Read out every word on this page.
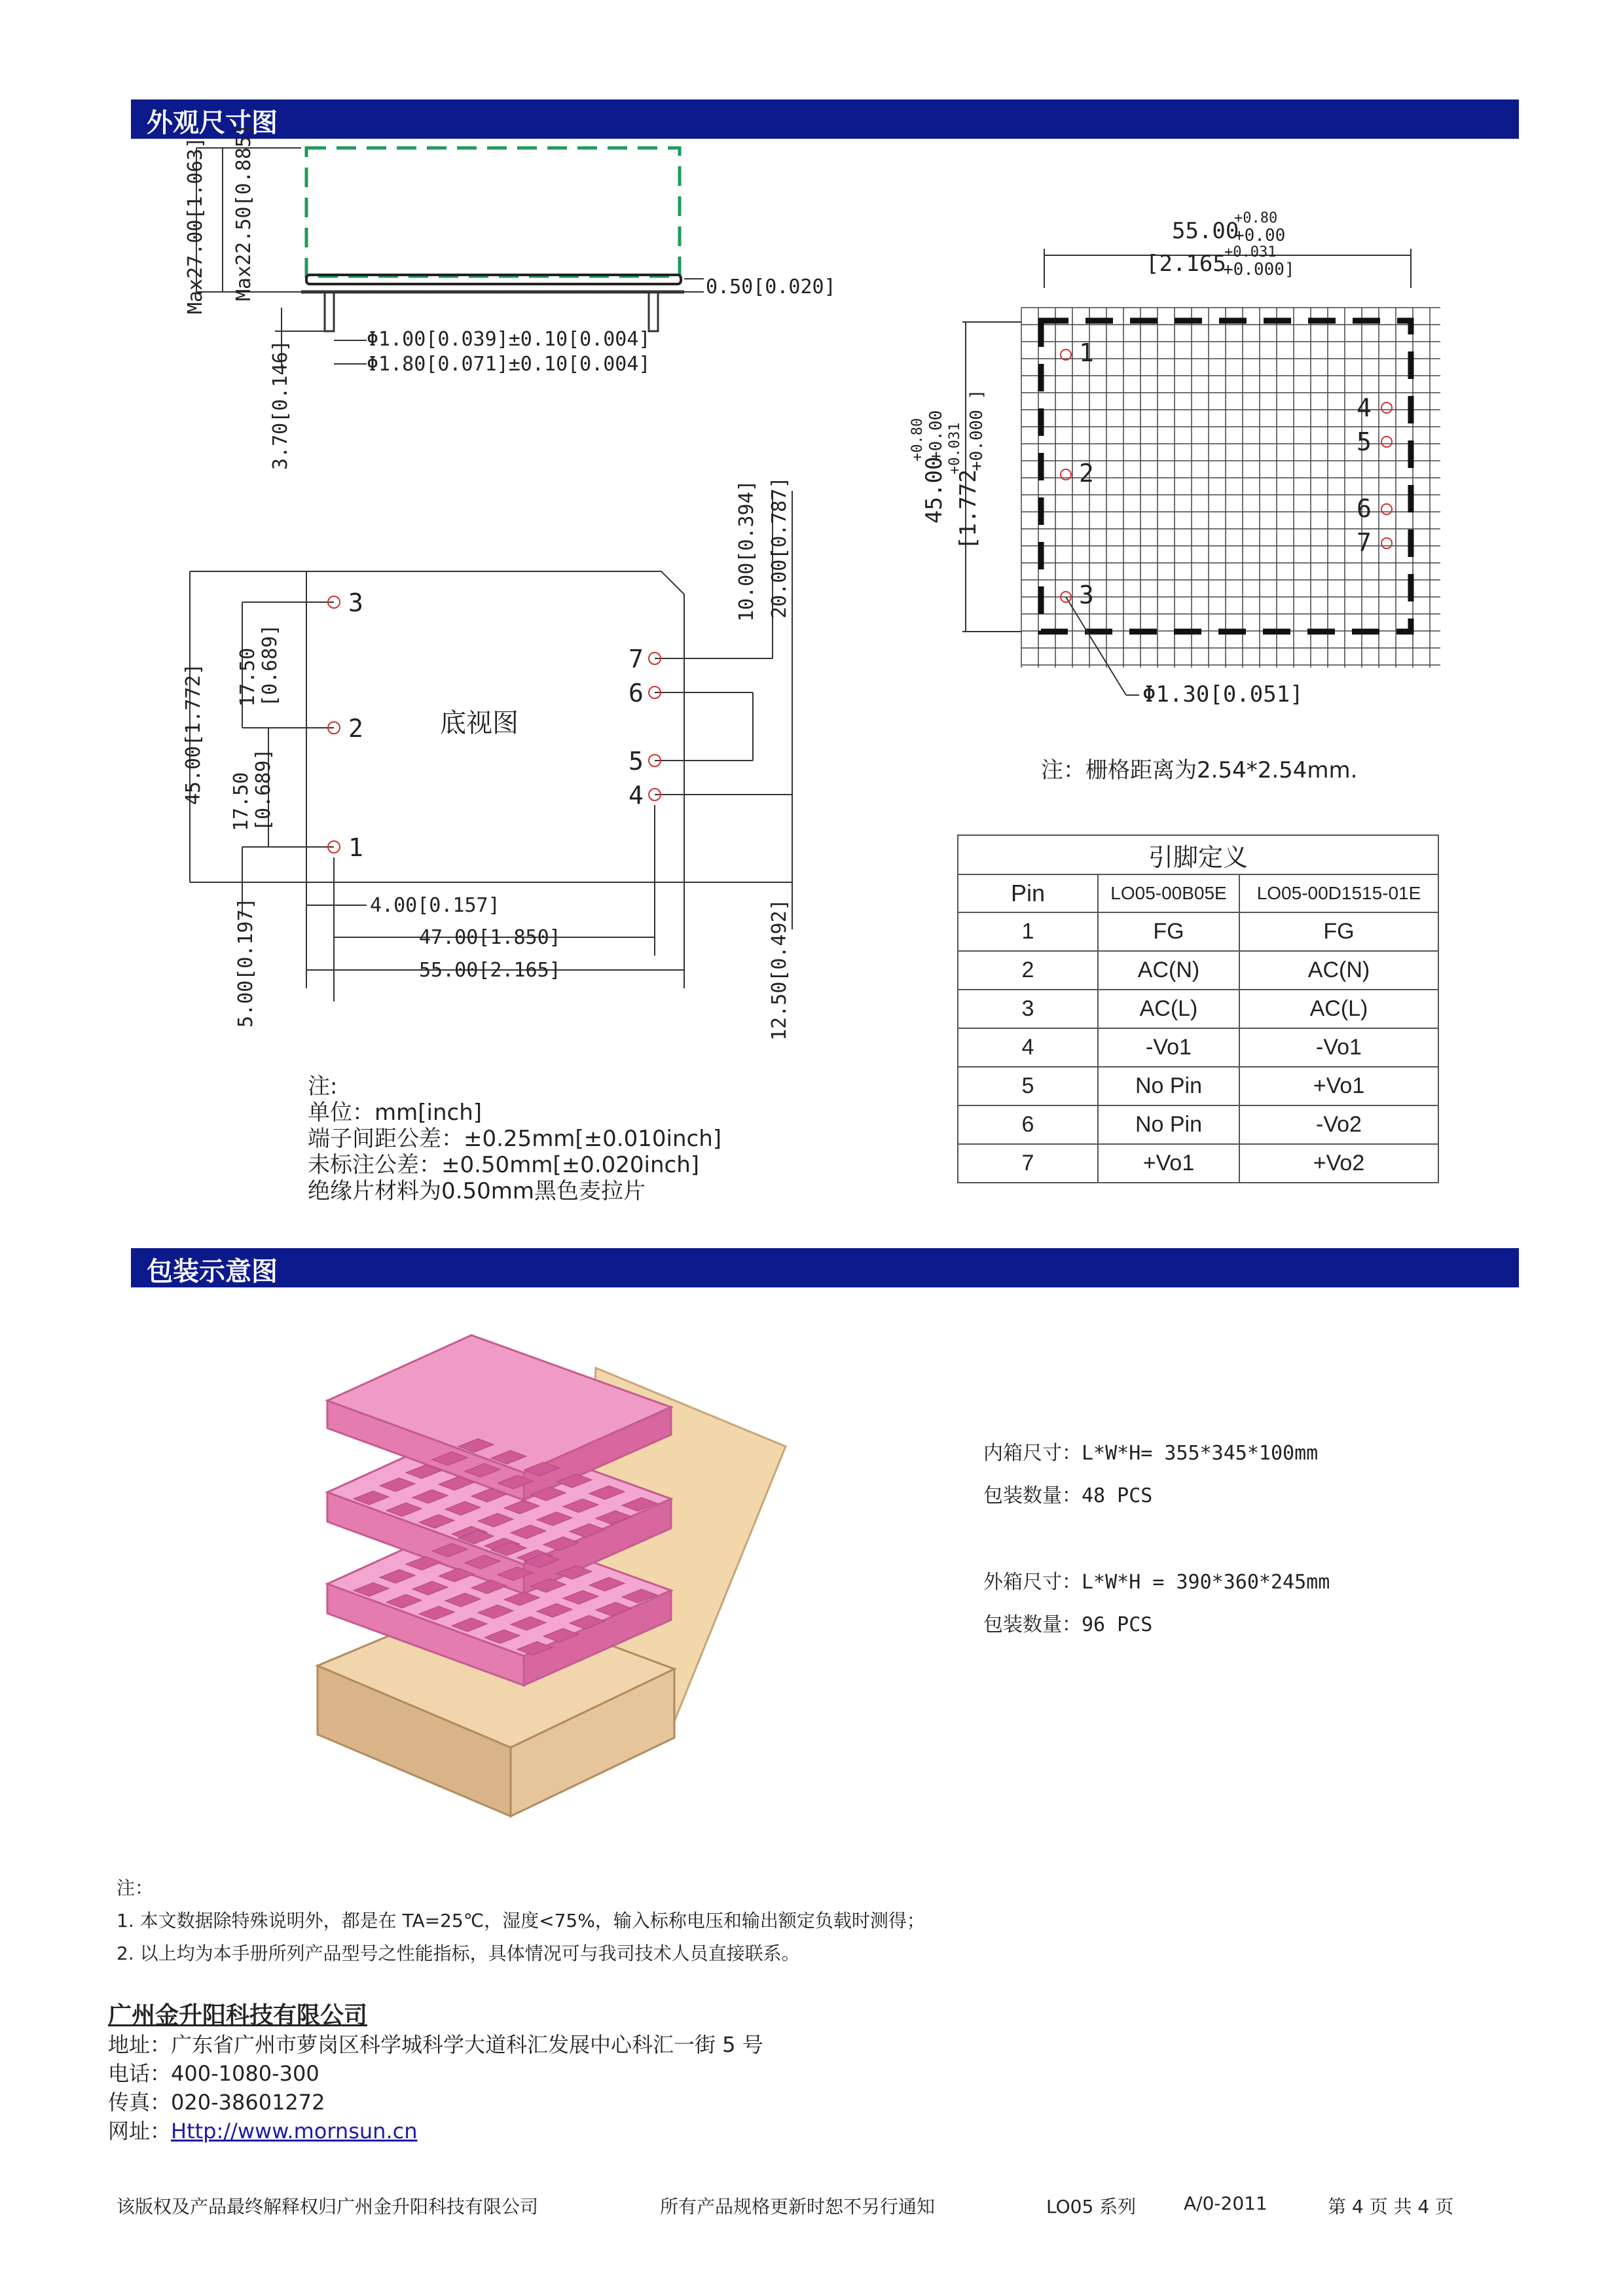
外观尺寸图
包装示意图
Max27.00[1.063] Max22.50[0.885]	0.50[0.020]
Φ1.00[0.039]±0.10[0.004]
Φ1.80[0.071]±0.10[0.004]
3.70[0.146]
3
2
1
7
6
5
4
底视图
45.00[1.772] 17.50 [0.689]
17.50 [0.689]
4.00[0.157]
47.00[1.850]
55.00[2.165]
5.00[0.197]
10.00[0.394] 20.00[0.787]
12.50[0.492]
1
2
3
4
5
6
7
55.00
+0.80
+0.00
[2.165
+0.031
+0.000]
45.00
+0.80 +0.00
[1.772
+0.031 +0.000 ]
Φ1.30[0.051]
注：栅格距离为2.54*2.54mm.
引脚定义		
Pin	LO05-00B05E	LO05-00D1515-01E
1	FG	FG
2	AC(N)	AC(N)
3	AC(L)	AC(L)
4	-Vo1	-Vo1
5	No Pin	+Vo1
6	No Pin	-Vo2
7	+Vo1	+Vo2
注:
单位：mm[inch]
端子间距公差：±0.25mm[±0.010inch]
未标注公差：±0.50mm[±0.020inch]
绝缘片材料为0.50mm黑色麦拉片
内箱尺寸：L*W*H= 355*345*100mm
包装数量：48 PCS
外箱尺寸：L*W*H = 390*360*245mm
包装数量：96 PCS
注：
1. 本文数据除特殊说明外，都是在 TA=25℃，湿度<75%，输入标称电压和输出额定负载时测得；
2. 以上均为本手册所列产品型号之性能指标，具体情况可与我司技术人员直接联系。
广州金升阳科技有限公司
地址：广东省广州市萝岗区科学城科学大道科汇发展中心科汇一街 5 号
电话：400-1080-300
传真：020-38601272
网址：Http://www.mornsun.cn
该版权及产品最终解释权归广州金升阳科技有限公司	所有产品规格更新时恕不另行通知	LO05 系列	A/0-2011	第 4 页 共 4 页
